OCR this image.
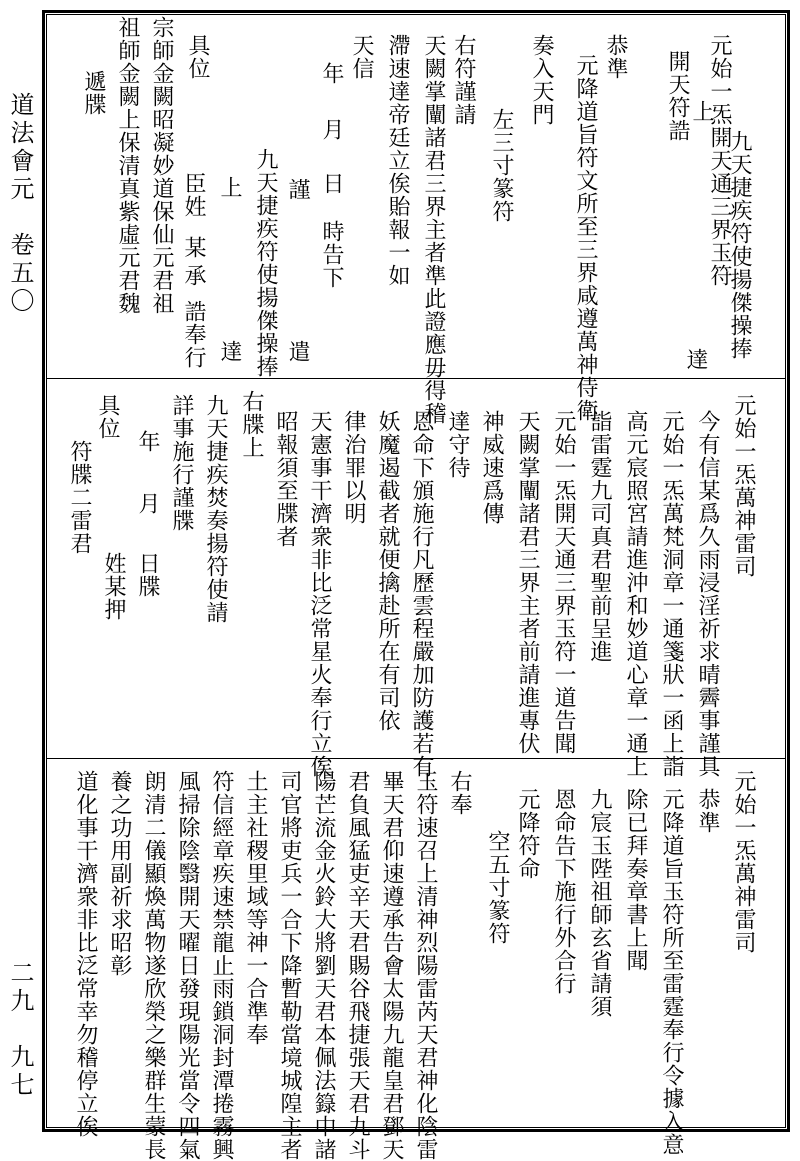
道法會元　卷五〇
二九　九七
元始一炁開天通三界玉符
開天符誥 上
九天捷疾符使揚傑操捧
達
恭準
元降道旨符文所至三界咸遵萬神侍衛
奏入天門
左三寸篆符
右符謹請
天闕掌闡諸君三界主者準此證應毋得稽
滯速達帝廷立俟貽報一如
天信
年
月
日
時告下
謹
遣
九天捷疾符使揚傑操捧
達
上
具位
臣姓
某
承
誥奉行
宗師金闕昭凝妙道保仙元君祖
祖師金闕上保清真紫虛元君魏
遞牒
元始一炁萬神雷司
今有信某爲久雨浸淫祈求晴霽事謹具
元始一炁萬梵洞章一通箋狀一函上詣
高元宸照宮請進沖和妙道心章一通上
詣雷霆九司真君聖前呈進
元始一炁開天通三界玉符一道告聞
天闕掌闡諸君三界主者前請進專伏
神威速爲傳
達守待
恩命下頒施行凡歷雲程嚴加防護若有
妖魔遏截者就便擒赴所在有司依
律治罪以明
天憲事干濟衆非比泛常星火奉行立俟
昭報須至牒者
右牒上
九天捷疾焚奏揚符使請
詳事施行謹牒
年
月
日牒
姓某押
具位
符牒二雷君
元始一炁萬神雷司
恭準
元降道旨玉符所至雷霆奉行令據入意
除已拜奏章書上聞
九宸玉陛祖師玄省請須
恩命告下施行外合行
元降符命
空五寸篆符
右奉
玉符速召上清神烈陽雷芮天君神化陰雷
畢天君仰速遵承告會太陽九龍皇君鄧天
君負風猛吏辛天君賜谷飛捷張天君九斗
陽芒流金火鈴大將劉天君本佩法籙中諸
司官將吏兵一合下降暫勒當境城隍主者
土主社稷里域等神一合準奉
符信經章疾速禁龍止雨鎖洞封潭捲霧興
風掃除陰翳開天曜日發現陽光當令四氣
朗清二儀顯煥萬物遂欣榮之樂群生蒙長
養之功用副祈求昭彰
道化事干濟衆非比泛常幸勿稽停立俟
